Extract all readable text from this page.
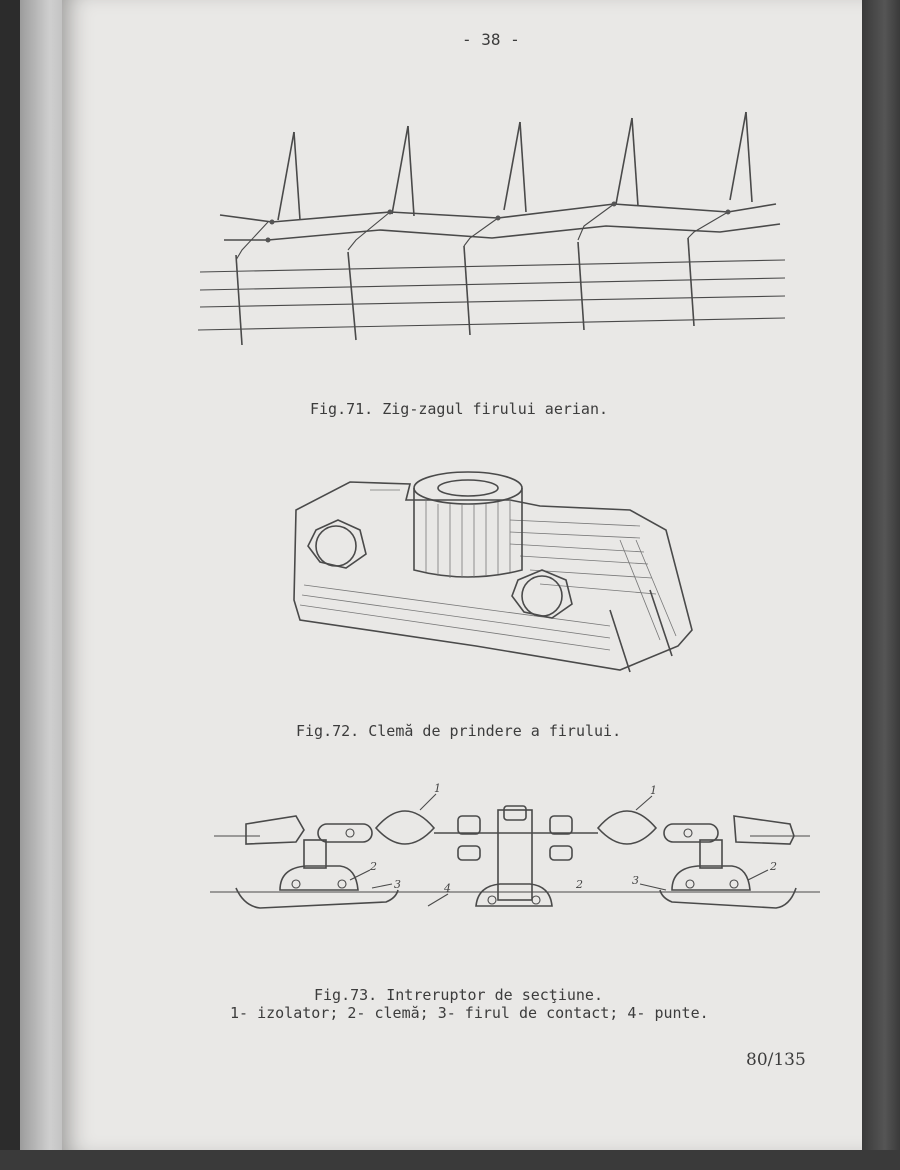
- 38 -
Fig.71. Zig-zagul firului aerian.
Fig.72. Clemă de prindere a firului.
1	1
2
2
2
3	3
4
Fig.73. Intreruptor de secţiune.
1- izolator; 2- clemă; 3- firul de contact; 4- punte.
80/135
